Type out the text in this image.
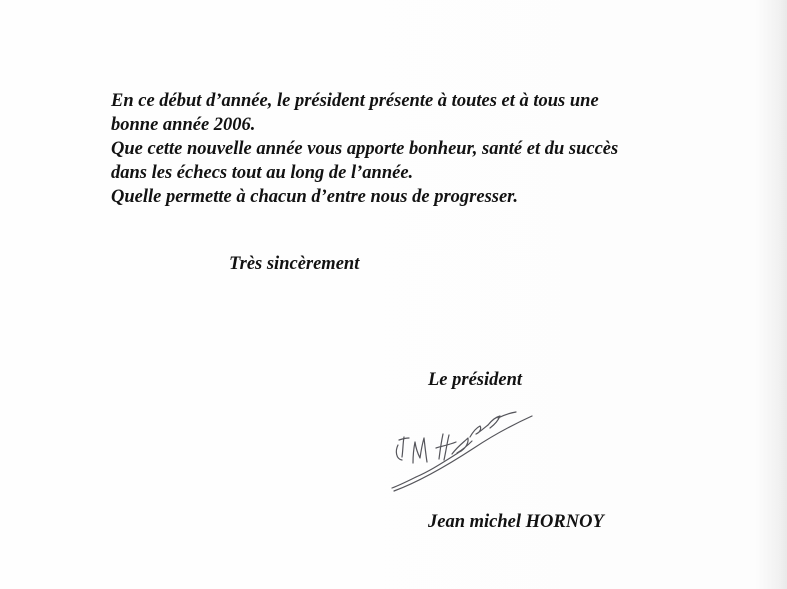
En ce début d’année, le président présente à toutes et à tous une

bonne année 2006.

Que cette nouvelle année vous apporte bonheur, santé et du succès

dans les échecs tout au long de l’année.

Quelle permette à chacun d’entre nous de progresser.

Très sincèrement

Le président

Jean michel HORNOY
